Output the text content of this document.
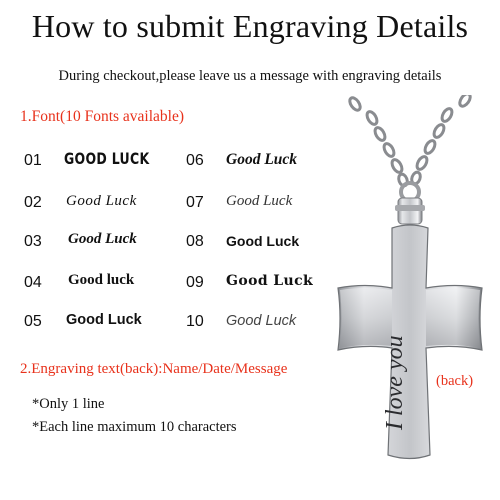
How to submit Engraving Details
During checkout,please leave us a message with engraving details
1.Font(10 Fonts available)
01 GOOD LUCK
02 Good Luck
03 Good Luck
04 Good luck
05 Good Luck
06 Good Luck
07 Good Luck
08 Good Luck
09 Good Luck
10 Good Luck
2.Engraving text(back):Name/Date/Message
*Only 1 line
*Each line maximum 10 characters	I love you (back)
